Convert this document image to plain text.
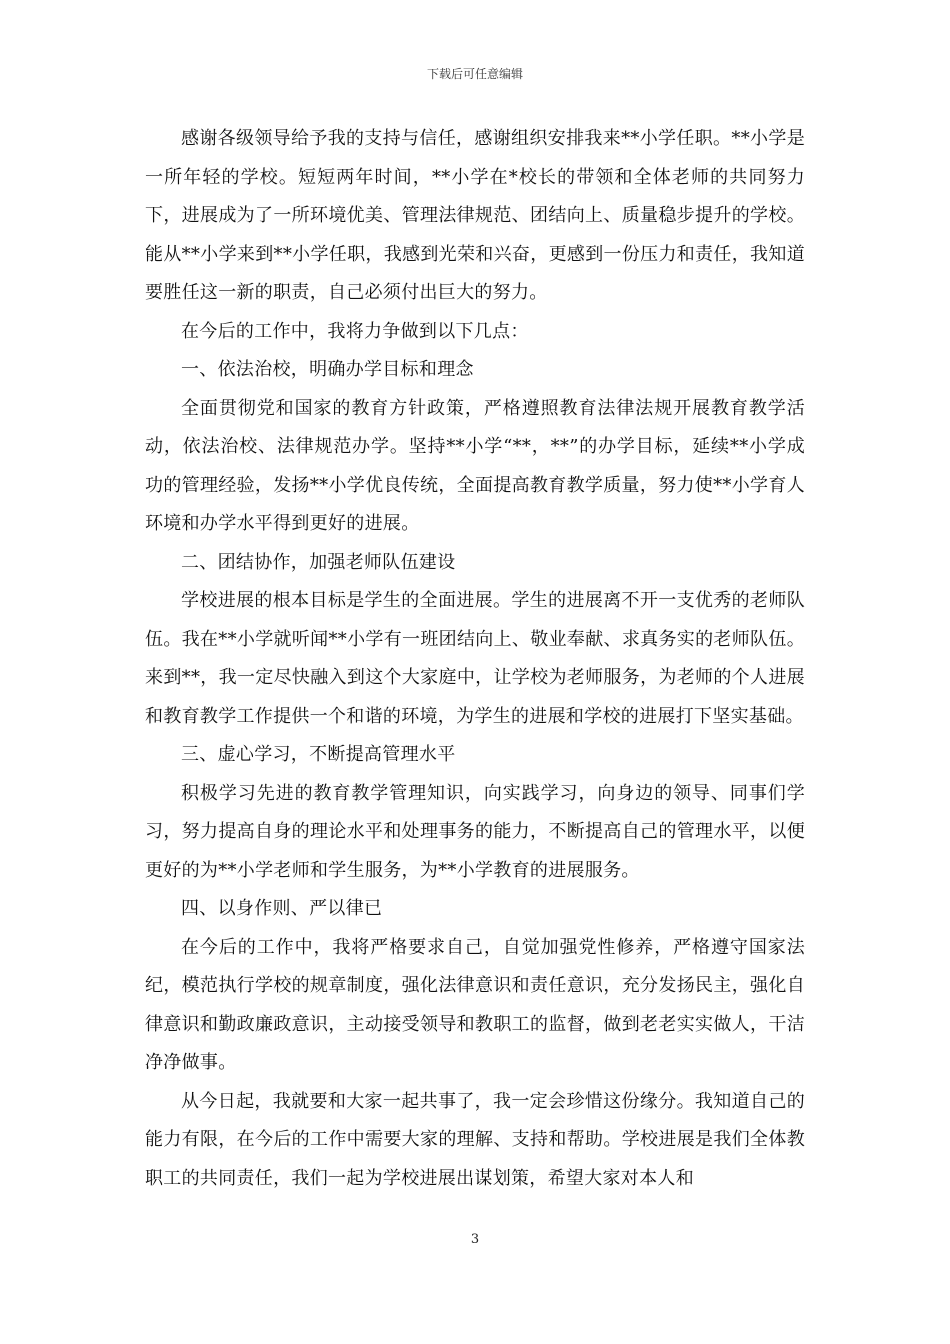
下载后可任意编辑

感谢各级领导给予我的支持与信任，感谢组织安排我来**小学任职。**小学是一所年轻的学校。短短两年时间，**小学在*校长的带领和全体老师的共同努力下，进展成为了一所环境优美、管理法律规范、团结向上、质量稳步提升的学校。能从**小学来到**小学任职，我感到光荣和兴奋，更感到一份压力和责任，我知道要胜任这一新的职责，自己必须付出巨大的努力。

在今后的工作中，我将力争做到以下几点：

一、依法治校，明确办学目标和理念

全面贯彻党和国家的教育方针政策，严格遵照教育法律法规开展教育教学活动，依法治校、法律规范办学。坚持**小学“**，**”的办学目标，延续**小学成功的管理经验，发扬**小学优良传统，全面提高教育教学质量，努力使**小学育人环境和办学水平得到更好的进展。

二、团结协作，加强老师队伍建设

学校进展的根本目标是学生的全面进展。学生的进展离不开一支优秀的老师队伍。我在**小学就听闻**小学有一班团结向上、敬业奉献、求真务实的老师队伍。来到**，我一定尽快融入到这个大家庭中，让学校为老师服务，为老师的个人进展和教育教学工作提供一个和谐的环境，为学生的进展和学校的进展打下坚实基础。

三、虚心学习，不断提高管理水平

积极学习先进的教育教学管理知识，向实践学习，向身边的领导、同事们学习，努力提高自身的理论水平和处理事务的能力，不断提高自己的管理水平，以便更好的为**小学老师和学生服务，为**小学教育的进展服务。

四、以身作则、严以律已

在今后的工作中，我将严格要求自己，自觉加强党性修养，严格遵守国家法纪，模范执行学校的规章制度，强化法律意识和责任意识，充分发扬民主，强化自律意识和勤政廉政意识，主动接受领导和教职工的监督，做到老老实实做人，干洁净净做事。

从今日起，我就要和大家一起共事了，我一定会珍惜这份缘分。我知道自己的能力有限，在今后的工作中需要大家的理解、支持和帮助。学校进展是我们全体教职工的共同责任，我们一起为学校进展出谋划策，希望大家对本人和

3
